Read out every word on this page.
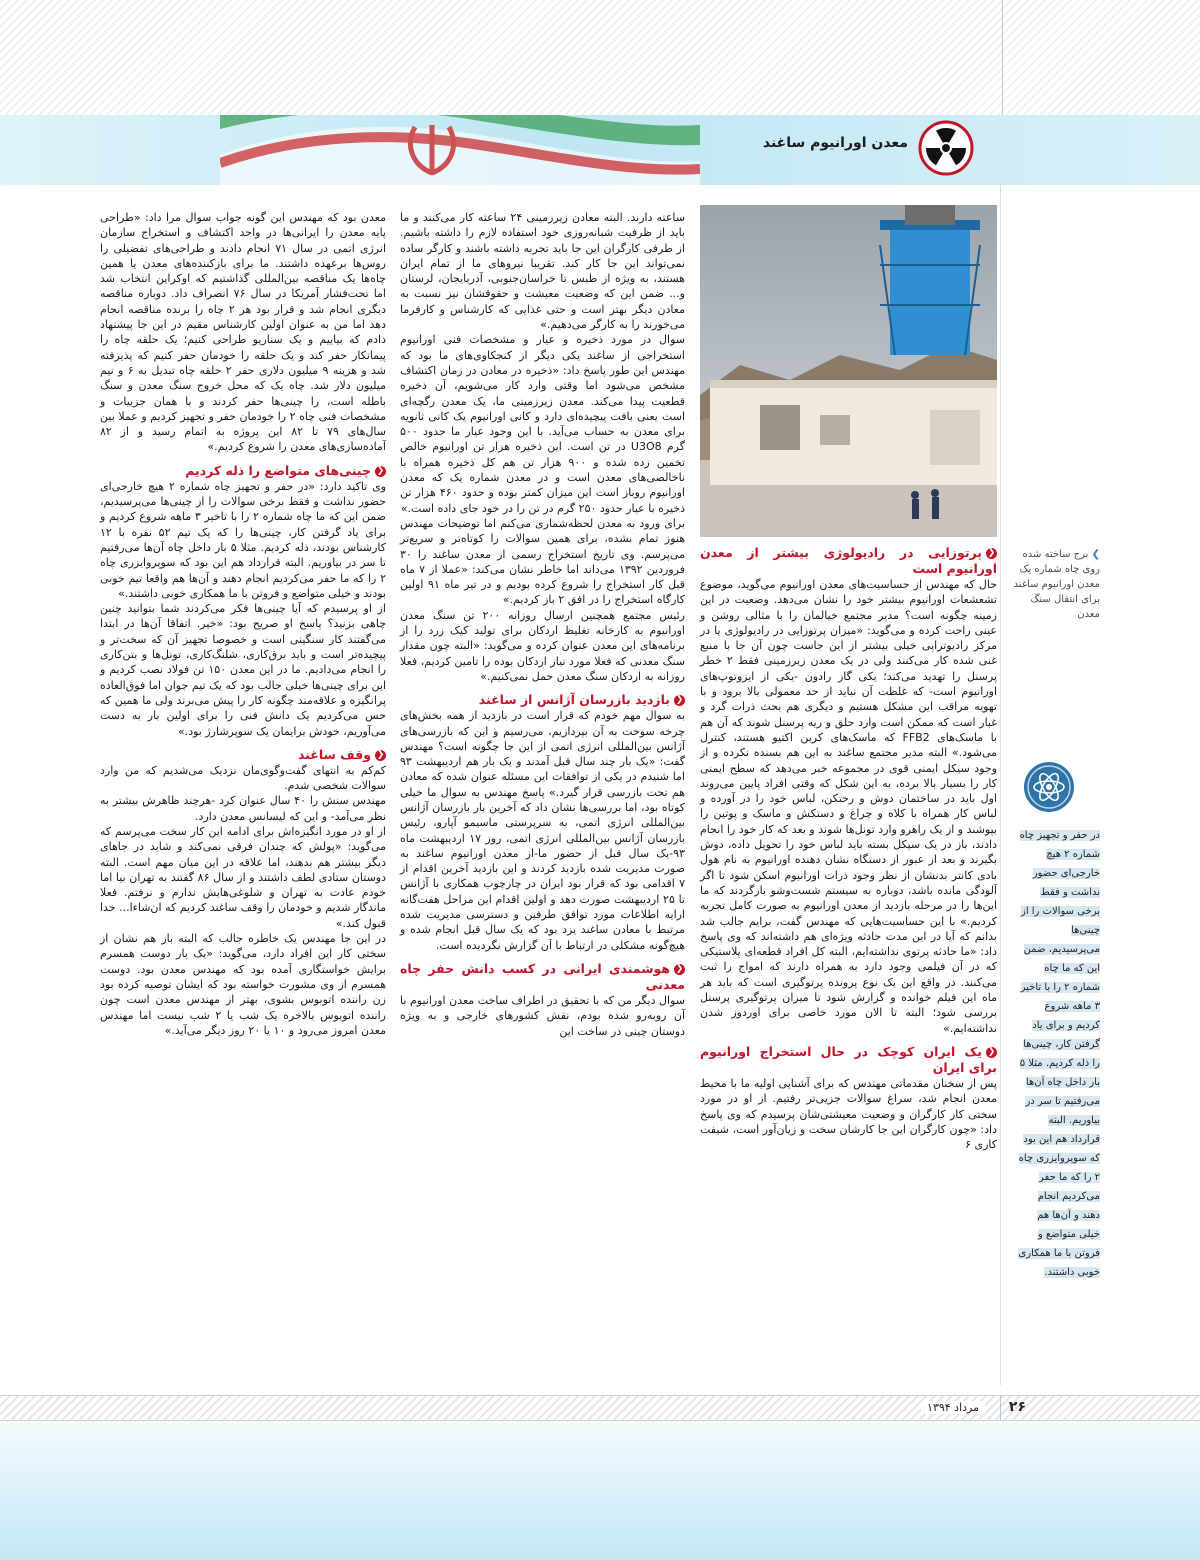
معدن اورانیوم ساغند

❮پرتوزایی در رادیولوژی بیشتر از معدن اورانیوم است

حال که مهندس از حساسیت‌های معدن اورانیوم می‌گوید، موضوع تشعشعات اورانیوم بیشتر خود را نشان می‌دهد. وضعیت در این زمینه چگونه است؟ مدیر مجتمع خیالمان را با مثالی روشن و عینی راحت کرده و می‌گوید: «میزان پرتوزایی در رادیولوژی یا در مرکز رادیوتراپی خیلی بیشتر از این جاست چون آن جا با منبع غنی شده کار می‌کنند ولی در یک معدن زیرزمینی فقط ۲ خطر پرسنل را تهدید می‌کند؛ یکی گاز رادون -یکی از ایزوتوپ‌های اورانیوم است- که غلظت آن نباید از حد معمولی بالا برود و با تهویه مراقب این مشکل هستیم و دیگری هم بحث ذرات گرد و غبار است که ممکن است وارد حلق و ریه پرسنل شوند که آن هم با ماسک‌های FFB2 که ماسک‌های کربن اکتیو هستند، کنترل می‌شود.» البته مدیر مجتمع ساغند به این هم بسنده نکرده و از وجود سیکل ایمنی قوی در مجموعه خبر می‌دهد که سطح ایمنی کار را بسیار بالا برده، به این شکل که وقتی افراد پایین می‌روند اول باید در ساختمان دوش و رختکن، لباس خود را در آورده و لباس کار همراه با کلاه و چراغ و دستکش و ماسک و پوتین را بپوشند و از یک راهرو وارد تونل‌ها شوند و بعد که کار خود را انجام دادند، باز در یک سیکل بسته باید لباس خود را تحویل داده، دوش بگیرند و بعد از عبور از دستگاه نشان دهنده اورانیوم به نام هول بادی کانتر بدنشان از نظر وجود ذرات اورانیوم اسکن شود تا اگر آلودگی مانده باشد، دوباره به سیستم شست‌وشو بازگردند که ما این‌ها را در مرحله بازدید از معدن اورانیوم به صورت کامل تجربه کردیم.» با این حساسیت‌هایی که مهندس گفت، برایم جالب شد بدانم که آیا در این مدت حادثه ویژه‌ای هم داشته‌اند که وی پاسخ داد: «ما حادثه پرتوی نداشته‌ایم، البته کل افراد قطعه‌ای پلاستیکی که در آن فیلمی وجود دارد به همراه دارند که امواج را ثبت می‌کنند. در واقع این یک نوع پرونده پرتوگیری است که باید هر ماه این فیلم خوانده و گزارش شود تا میزان پرتوگیری پرسنل بررسی شود؛ البته تا الان مورد خاصی برای اوردوز شدن نداشته‌ایم.»

❮یک ایران کوچک در حال استخراج اورانیوم برای ایران

پس از سخنان مقدماتی مهندس که برای آشنایی اولیه ما با محیط معدن انجام شد، سراغ سوالات جزیی‌تر رفتیم. از او در مورد سختی کار کارگران و وضعیت معیشتی‌شان پرسیدم که وی پاسخ داد: «چون کارگران این جا کارشان سخت و زیان‌آور است، شیفت کاری ۶

ساعته دارند. البته معادن زیرزمینی ۲۴ ساعته کار می‌کنند و ما باید از ظرفیت شبانه‌روزی خود استفاده لازم را داشته باشیم. از طرفی کارگران این جا باید تجربه داشته باشند و کارگر ساده نمی‌تواند این جا کار کند. تقریبا نیروهای ما از تمام ایران هستند، به ویژه از طبس تا خراسان‌جنوبی، آذربایجان، لرستان و... ضمن این که وضعیت معیشت و حقوقشان نیز نسبت به معادن دیگر بهتر است و حتی غذایی که کارشناس و کارفرما می‌خورند را به کارگر می‌دهیم.»

سوال در مورد ذخیره و عیار و مشخصات فنی اورانیوم استخراجی از ساغند یکی دیگر از کنجکاوی‌های ما بود که مهندس این طور پاسخ داد: «ذخیره در معادن در زمان اکتشاف مشخص می‌شود اما وقتی وارد کار می‌شویم، آن ذخیره قطعیت پیدا می‌کند. معدن زیرزمینی ما، یک معدن رگچه‌ای است یعنی بافت پیچیده‌ای دارد و کانی اورانیوم یک کانی ثانویه برای معدن به حساب می‌آید. با این وجود عیار ما حدود ۵۰۰ گرم U3O8 در تن است. این ذخیره هزار تن اورانیوم خالص تخمین زده شده و ۹۰۰ هزار تن هم کل ذخیره همراه با ناخالصی‌های معدن است و در معدن شماره یک که معدن اورانیوم روباز است این میزان کمتر بوده و حدود ۴۶۰ هزار تن ذخیره با عیار حدود ۲۵۰ گرم در تن را در خود جای داده است.»

برای ورود به معدن لحظه‌شماری می‌کنم اما توضیحات مهندس هنوز تمام نشده، برای همین سوالات را کوتاه‌تر و سریع‌تر می‌پرسم. وی تاریخ استخراج رسمی از معدن ساغند را ۳۰ فروردین ۱۳۹۲ می‌داند اما خاطر نشان می‌کند: «عملا از ۷ ماه قبل کار استخراج را شروع کرده بودیم و در تیر ماه ۹۱ اولین کارگاه استخراج را در افق ۲ باز کردیم.»

رئیس مجتمع همچنین ارسال روزانه ۲۰۰ تن سنگ معدن اورانیوم به کارخانه تغلیظ اردکان برای تولید کیک زرد را از برنامه‌های این معدن عنوان کرده و می‌گوید: «البته چون مقدار سنگ معدنی که فعلا مورد نیاز اردکان بوده را تامین کردیم، فعلا روزانه به اردکان سنگ معدن حمل نمی‌کنیم.»

❮بازدید بازرسان آژانس از ساغند

به سوال مهم خودم که قرار است در بازدید از همه بخش‌های چرخه سوخت به آن بپردازیم، می‌رسیم و این که بازرسی‌های آژانس بین‌المللی انرژی اتمی از این جا چگونه است؟ مهندس گفت: «یک بار چند سال قبل آمدند و یک بار هم اردیبهشت ۹۳ اما شنیدم در یکی از توافقات این مسئله عنوان شده که معادن هم تحت بازرسی قرار گیرد.» پاسخ مهندس به سوال ما خیلی کوتاه بود، اما بررسی‌ها نشان داد که آخرین بار بازرسان آژانس بین‌المللی انرژی اتمی، به سرپرستی ماسیمو آپارو، رئیس بازرسان آژانس بین‌المللی انرژی اتمی، روز ۱۷ اردیبهشت ماه ۹۳-یک سال قبل از حضور ما-از معدن اورانیوم ساغند به صورت مدیریت شده بازدید کردند و این بازدید آخرین اقدام از ۷ اقدامی بود که قرار بود ایران در چارچوب همکاری با آژانس تا ۲۵ اردیبهشت صورت دهد و اولین اقدام این مراحل هفت‌گانه ارایه اطلاعات مورد توافق طرفین و دسترسی مدیریت شده مرتبط با معادن ساغند یزد بود که یک سال قبل انجام شده و هیچ‌گونه مشکلی در ارتباط با آن گزارش نگردیده است.

❮هوشمندی ایرانی در کسب دانش حفر چاه معدنی

سوال دیگر من که با تحقیق در اطراف ساخت معدن اورانیوم با آن روبه‌رو شده بودم، نقش کشورهای خارجی و به ویژه دوستان چینی در ساخت این

معدن بود که مهندس این گونه جواب سوال مرا داد: «طراحی پایه معدن را ایرانی‌ها در واحد اکتشاف و استخراج سازمان انرژی اتمی در سال ۷۱ انجام دادند و طراحی‌های تفضیلی را روس‌ها برعهده داشتند. ما برای بازکننده‌های معدن یا همین چاه‌ها یک مناقصه بین‌المللی گذاشتیم که اوکراین انتخاب شد اما تحت‌فشار آمریکا در سال ۷۶ انصراف داد. دوباره مناقصه دیگری انجام شد و قرار بود هر ۲ چاه را برنده مناقصه انجام دهد اما من به عنوان اولین کارشناس مقیم در این جا پیشنهاد دادم که بیاییم و یک سناریو طراحی کنیم؛ یک حلقه چاه را پیمانکار حفر کند و یک حلقه را خودمان حفر کنیم که پذیرفته شد و هزینه ۹ میلیون دلاری حفر ۲ حلقه چاه تبدیل به ۶ و نیم میلیون دلار شد. چاه یک که محل خروج سنگ معدن و سنگ باطله است، را چینی‌ها حفر کردند و با همان جزییات و مشخصات فنی چاه ۲ را خودمان حفر و تجهیز کردیم و عملا بین سال‌های ۷۹ تا ۸۲ این پروژه به اتمام رسید و از ۸۲ آماده‌سازی‌های معدن را شروع کردیم.»

❮چینی‌های متواضع را ذله کردیم

وی تاکید دارد: «در حفر و تجهیز چاه شماره ۲ هیچ خارجی‌ای حضور نداشت و فقط برخی سوالات را از چینی‌ها می‌پرسیدیم، ضمن این که ما چاه شماره ۲ را با تاخیر ۳ ماهه شروع کردیم و برای یاد گرفتن کار، چینی‌ها را که یک تیم ۵۲ نفره با ۱۲ کارشناس بودند، ذله کردیم. مثلا ۵ بار داخل چاه آن‌ها می‌رفتیم تا سر در بیاوریم. البته قرارداد هم این بود که سوپروایزری چاه ۲ را که ما حفر می‌کردیم انجام دهند و آن‌ها هم واقعا تیم خوبی بودند و خیلی متواضع و فروتن با ما همکاری خوبی داشتند.»

از او پرسیدم که آیا چینی‌ها فکر می‌کردند شما بتوانید چنین چاهی بزنید؟ پاسخ او صریح بود: «خیر. اتفاقا آن‌ها در ابتدا می‌گفتند کار سنگینی است و خصوصا تجهیز آن که سخت‌تر و پیچیده‌تر است و باید برق‌کاری، شلنگ‌کاری، تونل‌ها و بتن‌کاری را انجام می‌دادیم. ما در این معدن ۱۵۰ تن فولاد نصب کردیم و این برای چینی‌ها خیلی جالب بود که یک تیم جوان اما فوق‌العاده پرانگیزه و علاقه‌مند چگونه کار را پیش می‌برند ولی ما همین که حس می‌کردیم یک دانش فنی را برای اولین بار به دست می‌آوریم، خودش برایمان یک سوپرشارژ بود.»

❮وقف ساغند

کم‌کم به انتهای گفت‌وگوی‌مان نزدیک می‌شدیم که من وارد سوالات شخصی شدم.

مهندس سنش را ۴۰ سال عنوان کرد -هرچند ظاهرش بیشتر به نظر می‌آمد- و این که لیسانس معدن دارد.

از او در مورد انگیزه‌اش برای ادامه این کار سخت می‌پرسم که می‌گوید: «پولش که چندان فرقی نمی‌کند و شاید در جاهای دیگر بیشتر هم بدهند، اما علاقه در این میان مهم است. البته دوستان ستادی لطف داشتند و از سال ۸۶ گفتند به تهران بیا اما خودم عادت به تهران و شلوغی‌هایش ندارم و نرفتم. فعلا ماندگار شدیم و خودمان را وقف ساغند کردیم که ان‌شاءا... خدا قبول کند.»

در این جا مهندس یک خاطره جالب که البته باز هم نشان از سختی کار این افراد دارد، می‌گوید: «یک بار دوست همسرم برایش خواستگاری آمده بود که مهندس معدن بود. دوست همسرم از وی مشورت خواسته بود که ایشان توصیه کرده بود زن راننده اتوبوس بشوی، بهتر از مهندس معدن است چون راننده اتوبوس بالاخره یک شب یا ۲ شب نیست اما مهندس معدن امروز می‌رود و ۱۰ یا ۲۰ روز دیگر می‌آید.»

❯ برج ساخته شده روی چاه شماره یک معدن اورانیوم ساغند برای انتقال سنگ معدن
در حفر و تجهیز چاه شماره ۲ هیچ خارجی‌ای حضور نداشت و فقط برخی سوالات را از چینی‌ها می‌پرسیدیم، ضمن این که ما چاه شماره ۲ را با تاخیر ۳ ماهه شروع کردیم و برای یاد گرفتن کار، چینی‌ها را ذله کردیم. مثلا ۵ بار داخل چاه آن‌ها می‌رفتیم تا سر در بیاوریم. البته قرارداد هم این بود که سوپروایزری چاه ۲ را که ما حفر می‌کردیم انجام دهند و آن‌ها هم خیلی متواضع و فروتن با ما همکاری خوبی داشتند.
۲۶
مرداد ۱۳۹۴
